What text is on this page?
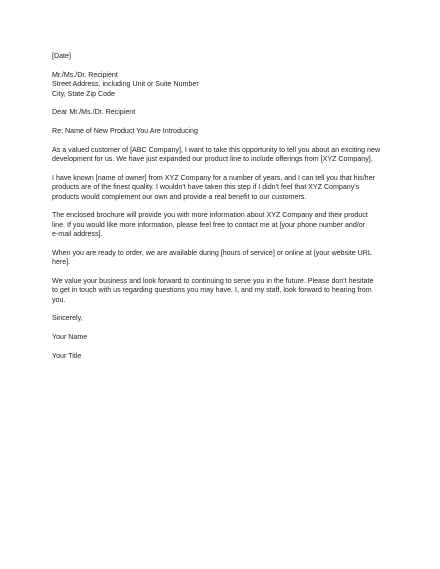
[Date]
Mr./Ms./Dr. Recipient
Street Address, including Unit or Suite Number
City, State Zip Code
Dear Mr./Ms./Dr. Recipient
Re: Name of New Product You Are Introducing
As a valued customer of [ABC Company], I want to take this opportunity to tell you about an exciting new
development for us. We have just expanded our product line to include offerings from [XYZ Company].
I have known [name of owner] from XYZ Company for a number of years, and I can tell you that his/her
products are of the finest quality. I wouldn't have taken this step if I didn't feel that XYZ Company's
products would complement our own and provide a real benefit to our customers.
The enclosed brochure will provide you with more information about XYZ Company and their product
line. If you would like more information, please feel free to contact me at [your phone number and/or
e-mail address].
When you are ready to order, we are available during [hours of service] or online at [your website URL
here].
We value your business and look forward to continuing to serve you in the future. Please don't hesitate
to get in touch with us regarding questions you may have. I, and my staff, look forward to hearing from
you.
Sincerely,
Your Name
Your Title
